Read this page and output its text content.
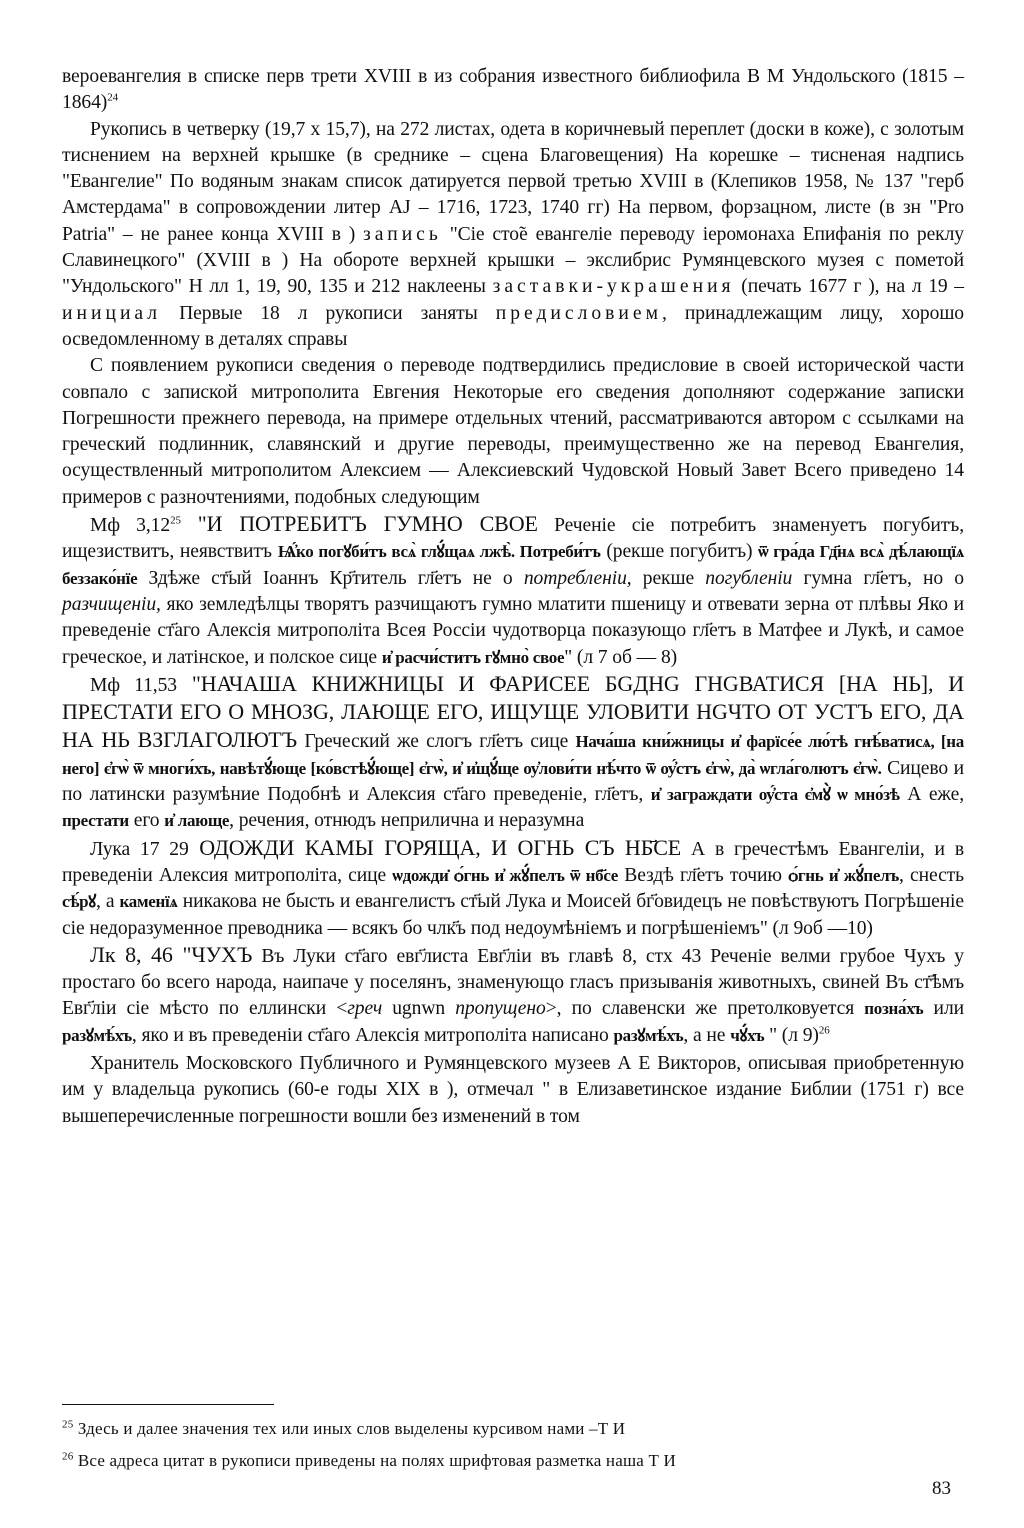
вероевангелия в списке перв трети XVIII в из собрания известного библиофила В М Ундольского (1815 – 1864)$^{24}$

Рукопись в четверку (19,7 х 15,7), на 272 листах, одета в коричневый переплет (доски в коже), с золотым тиснением на верхней крышке (в среднике – сцена Благовещения) На корешке – тисненая надпись "Евангелие" По водяным знакам список датируется первой третью XVIII в (Клепиков 1958, № 137 "герб Амстердама" в сопровождении литер AJ – 1716, 1723, 1740 гг) На первом, форзацном, листе (в зн "Pro Patria" – не ранее конца XVIII в ) запись "Сіе сто̃е евангеліе переводу іеромонаха Епифанія по реклу Славинецкого" (XVIII в ) На обороте верхней крышки – экслибрис Румянцевского музея с пометой "Ундольского" Н лл 1, 19, 90, 135 и 212 наклеены заставки-украшения (печать 1677 г ), на л 19 – инициал Первые 18 л рукописи заняты предисловием, принадлежащим лицу, хорошо осведомленному в деталях справы

С появлением рукописи сведения о переводе подтвердились предисловие в своей исторической части совпало с запиской митрополита Евгения Некоторые его сведения дополняют содержание записки Погрешности прежнего перевода, на примере отдельных чтений, рассматриваются автором с ссылками на греческий подлинник, славянский и другие переводы, преимущественно же на перевод Евангелия, осуществленный митрополитом Алексием — Алексиевский Чудовской Новый Завет Всего приведено 14 примеров с разночтениями, подобных следующим

Мф 3,12$^{25}$ "И ПОТРЕБИТЪ ГУМНО СВОЕ Реченіе сіе потребитъ знаменуетъ погубитъ, ищезиствитъ, неявствитъ Ѩ҆́ко погꙋби́тъ всѧ̀ глꙋ́щаѧ лжѣ̀. Потреби́тъ (рекше погубитъ) ѿ гра́да Гд҃нѧ всѧ̀ дѣ́лающїѧ беззако́нїе Здѣже ст҃ый Іоаннъ Кр҃титель гл҃етъ не о потребленіи, рекше погубленіи гумна гл҃етъ, но о разчищеніи, яко земледѣлцы творятъ разчищаютъ гумно млатити пшеницу и отвевати зерна от плѣвы Яко и преведеніе ст҃аго Алексія митрополіта Всея Россіи чудотворца показующо гл҃етъ в Матфее и Лукѣ, и самое греческое, и латінское, и полское сице и҆ расчи́ститъ гꙋмно̀ свое" (л 7 об — 8)

Мф 11,53 "НАЧАША КНИЖНИЦЫ И ФАРИСЕЕ БGДНG ГНGВАТИСЯ [НА НЬ], И ПРЕСТАТИ ЕГО О МНОЗG, ЛАЮЩЕ ЕГО, ИЩУЩЕ УЛОВИТИ НGЧТО ОТ УСТЪ ЕГО, ДА НА НЬ ВЗГЛАГОЛЮТЪ Греческий же слогъ гл҃етъ сице Нача́ша кни́жницы и҆ фарїсе́е лю́тѣ гнѣ́ватисѧ, [на него] є҆гѡ̀ ѿ многи́хъ, навѣтꙋ́юще [ко́встѣꙋ́юще] є҆гѡ̀, и҆ и҆щꙋ́ще ѹ҆лови́ти нѣ́что ѿ ѹ҆́стъ є҆гѡ̀, да̀ ѡгла́голютъ є҆гѡ̀. Сицево и по латински разумѣние Подобнѣ и Алексия ст҃аго преведеніе, гл҃етъ, и҆ заграждати ѹ҆́ста є҆мꙋ̀ ѡ мно́зѣ А еже, престати его и҆ лающе, речения, отнюдъ неприлична и неразумна

Лука 17 29 ОДОЖДИ КАМЫ ГОРЯЩА, И ОГНЬ СЪ НБ҃СЕ А в гречестѣмъ Евангеліи, и в преведеніи Алексия митрополіта, сице ѡдожди̇ ѻ́гнь и҆ жꙋ́пелъ ѿ нб҃се Вездѣ гл҃етъ точию ѻ́гнь и҆ жꙋ́пелъ, снесть сѣ́рꙋ, а каменїѧ никакова не бысть и евангелистъ ст҃ый Лука и Моисей бг҃овидецъ не повѣствуютъ Погрѣшеніе сіе недоразуменное преводника — всякъ бо члк҃ъ под недоумѣніемъ и погрѣшеніемъ" (л 9об —10)

Лк 8, 46 "ЧУХЪ Въ Луки ст҃аго евг҃листа Евг҃ліи въ главѣ 8, стх 43 Реченіе велми грубое Чухъ у простаго бо всего народа, наипаче у поселянъ, знаменующо гласъ призыванія животныхъ, свиней Въ ст҃ѣмъ Евг҃ліи сіе мѣсто по еллински <греч ugnwn пропущено>, по славенски же претолковуется позна́хъ или разꙋмѣ́хъ, яко и въ преведеніи ст҃аго Алексія митрополіта написано разꙋмѣ́хъ, а не чꙋ́хъ " (л 9)$^{26}$

Хранитель Московского Публичного и Румянцевского музеев А Е Викторов, описывая приобретенную им у владельца рукопись (60-е годы XIX в ), отмечал " в Елизаветинское издание Библии (1751 г) все вышеперечисленные погрешности вошли без изменений в том

$^{25}$ Здесь и далее значения тех или иных слов выделены курсивом нами –Т И
$^{26}$ Все адреса цитат в рукописи приведены на полях шрифтовая разметка наша Т И
83
